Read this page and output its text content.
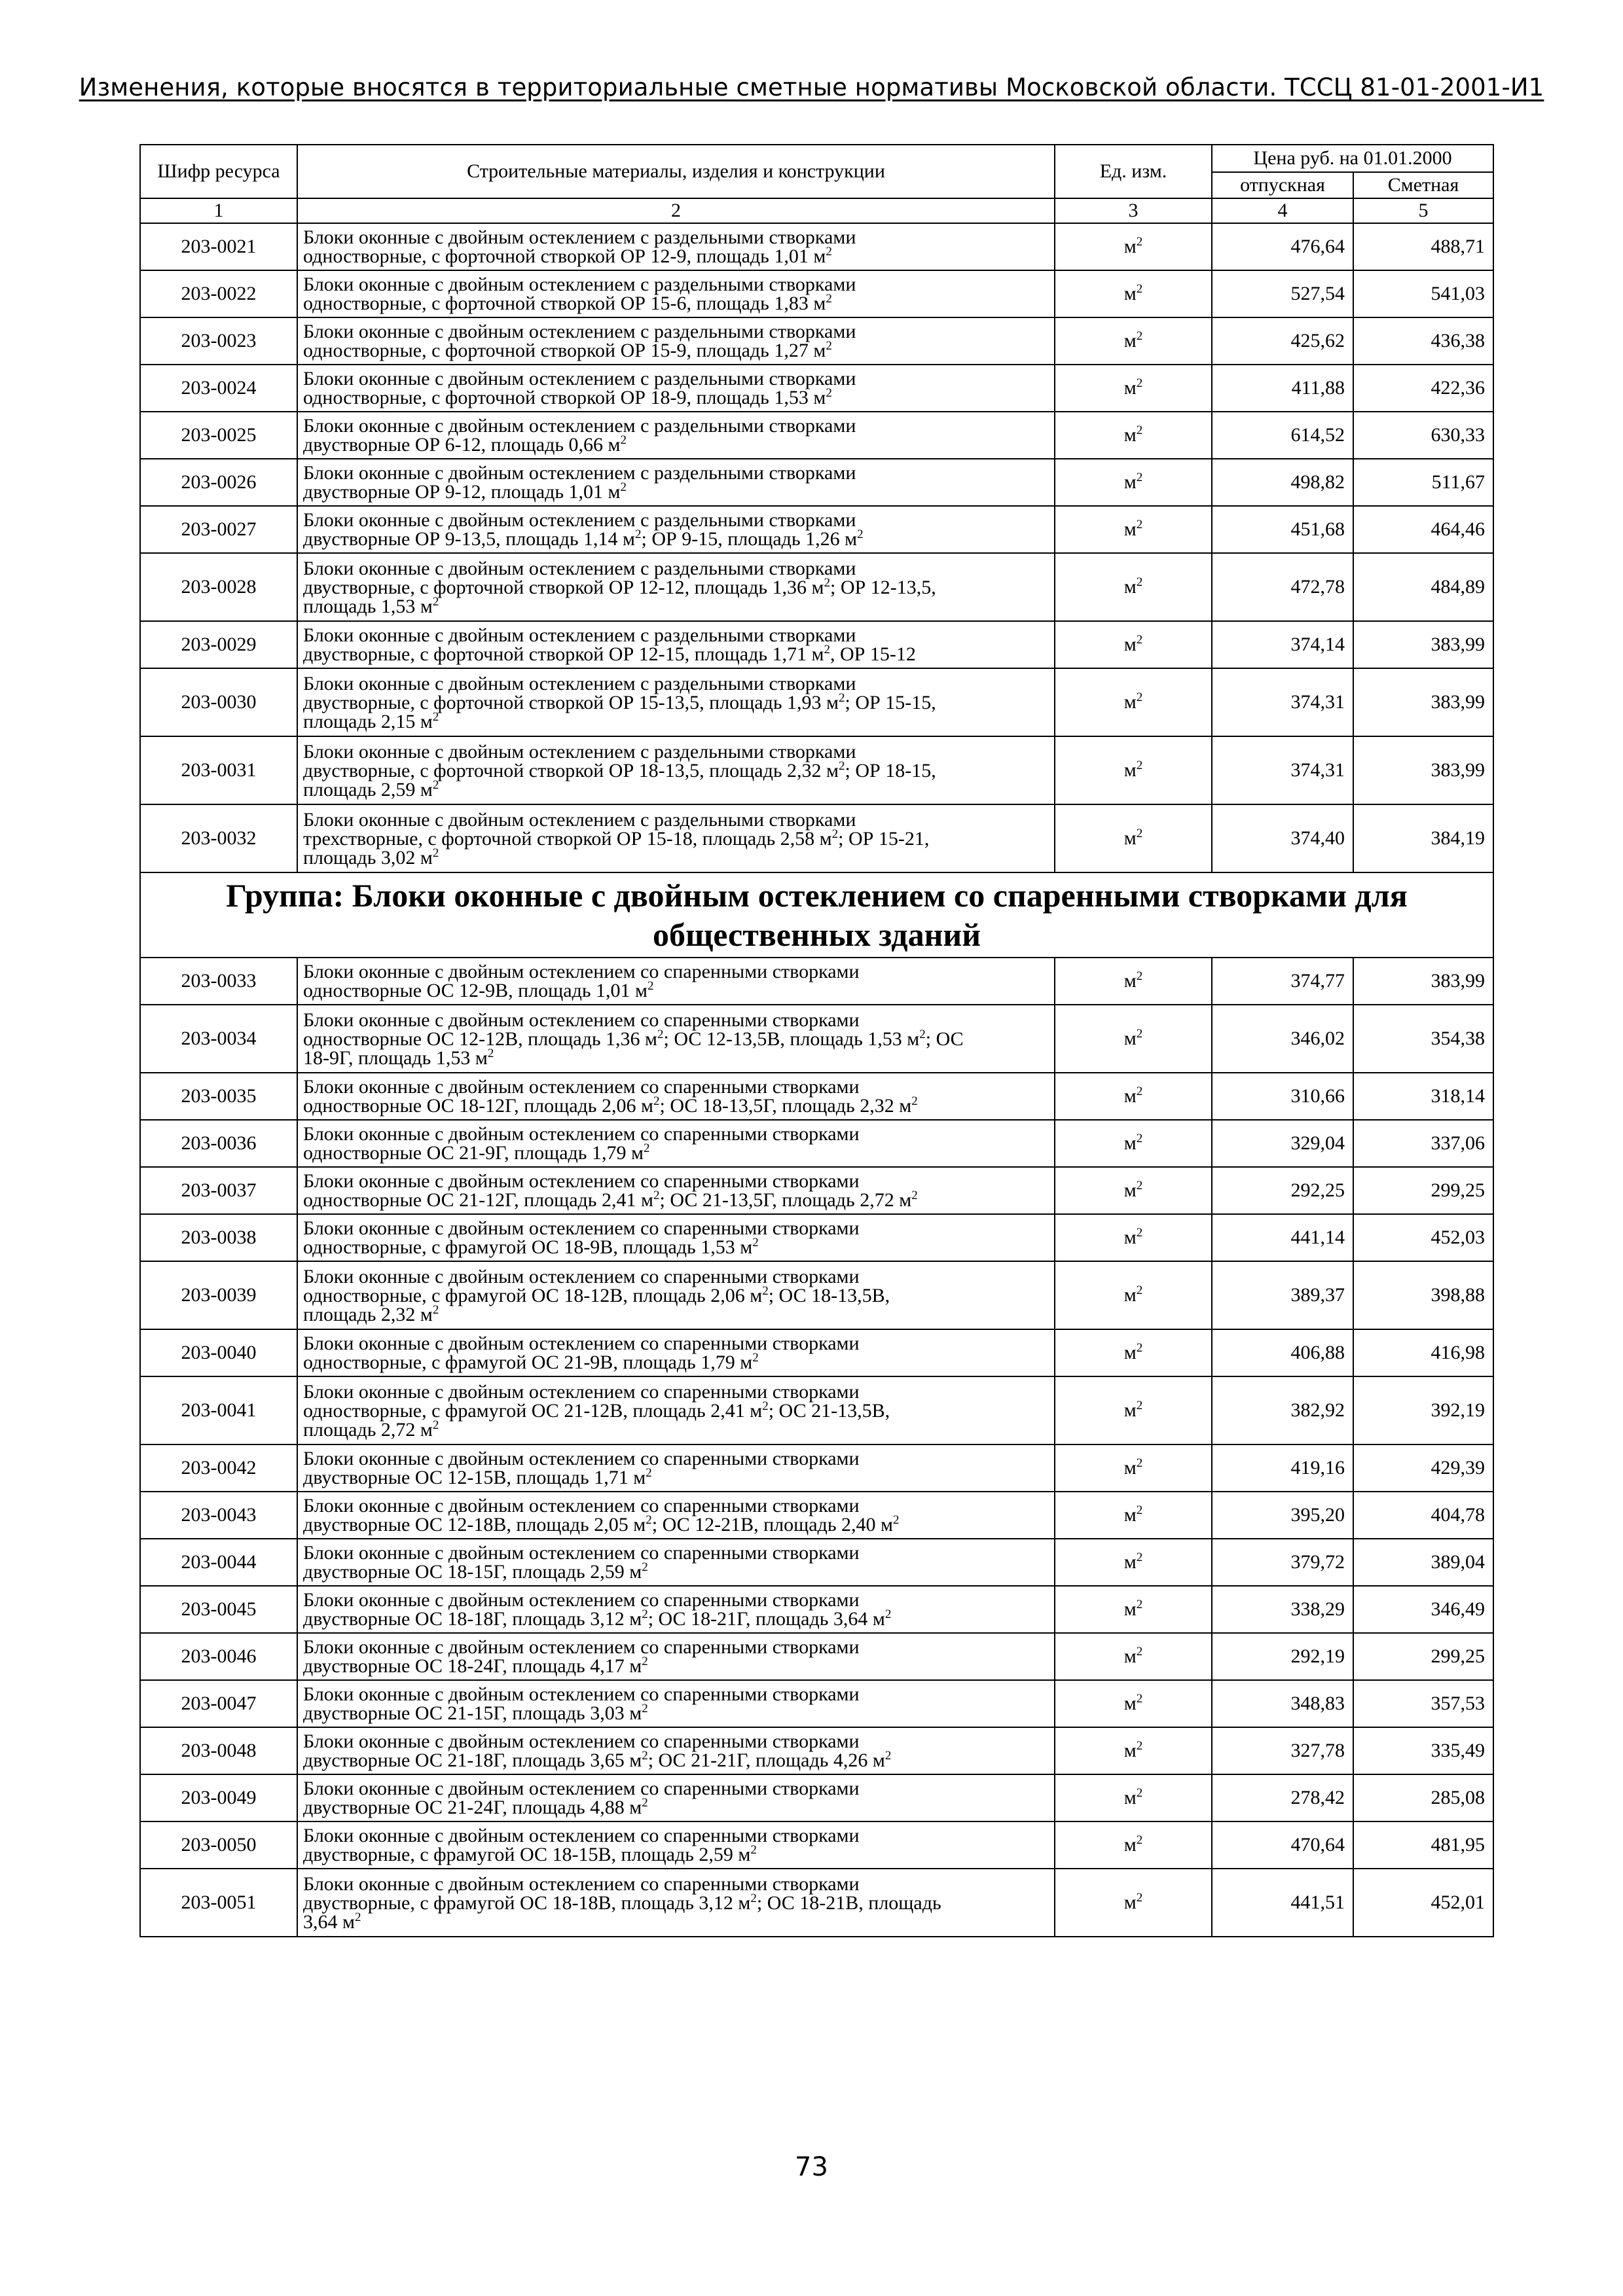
Изменения, которые вносятся в территориальные сметные нормативы Московской области. ТССЦ 81-01-2001-И1
Шифр ресурса	Строительные материалы, изделия и конструкции	Ед. изм.	Цена руб. на 01.01.2000	
			отпускная	Сметная
1	2	3	4	5
203-0021	Блоки оконные с двойным остеклением с раздельными створками
одностворные, с форточной створкой ОР 12-9, площадь 1,01 $м^2$	$м^2$	476,64	488,71
203-0022	Блоки оконные с двойным остеклением с раздельными створками
одностворные, с форточной створкой ОР 15-6, площадь 1,83 $м^2$	$м^2$	527,54	541,03
203-0023	Блоки оконные с двойным остеклением с раздельными створками
одностворные, с форточной створкой ОР 15-9, площадь 1,27 $м^2$	$м^2$	425,62	436,38
203-0024	Блоки оконные с двойным остеклением с раздельными створками
одностворные, с форточной створкой ОР 18-9, площадь 1,53 $м^2$	$м^2$	411,88	422,36
203-0025	Блоки оконные с двойным остеклением с раздельными створками
двустворные ОР 6-12, площадь 0,66 $м^2$	$м^2$	614,52	630,33
203-0026	Блоки оконные с двойным остеклением с раздельными створками
двустворные ОР 9-12, площадь 1,01 $м^2$	$м^2$	498,82	511,67
203-0027	Блоки оконные с двойным остеклением с раздельными створками
двустворные ОР 9-13,5, площадь 1,14 $м^2$; ОР 9-15, площадь 1,26 $м^2$	$м^2$	451,68	464,46
203-0028	Блоки оконные с двойным остеклением с раздельными створками
двустворные, с форточной створкой ОР 12-12, площадь 1,36 $м^2$; ОР 12-13,5,
площадь 1,53 $м^2$	$м^2$	472,78	484,89
203-0029	Блоки оконные с двойным остеклением с раздельными створками
двустворные, с форточной створкой ОР 12-15, площадь 1,71 $м^2$, ОР 15-12	$м^2$	374,14	383,99
203-0030	Блоки оконные с двойным остеклением с раздельными створками
двустворные, с форточной створкой ОР 15-13,5, площадь 1,93 $м^2$; ОР 15-15,
площадь 2,15 $м^2$	$м^2$	374,31	383,99
203-0031	Блоки оконные с двойным остеклением с раздельными створками
двустворные, с форточной створкой ОР 18-13,5, площадь 2,32 $м^2$; ОР 18-15,
площадь 2,59 $м^2$	$м^2$	374,31	383,99
203-0032	Блоки оконные с двойным остеклением с раздельными створками
трехстворные, с форточной створкой ОР 15-18, площадь 2,58 $м^2$; ОР 15-21,
площадь 3,02 $м^2$	$м^2$	374,40	384,19
Группа: Блоки оконные с двойным остеклением со спаренными створками для общественных зданий				
203-0033	Блоки оконные с двойным остеклением со спаренными створками
одностворные ОС 12-9В, площадь 1,01 $м^2$	$м^2$	374,77	383,99
203-0034	Блоки оконные с двойным остеклением со спаренными створками
одностворные ОС 12-12В, площадь 1,36 $м^2$; ОС 12-13,5В, площадь 1,53 $м^2$; ОС
18-9Г, площадь 1,53 $м^2$	$м^2$	346,02	354,38
203-0035	Блоки оконные с двойным остеклением со спаренными створками
одностворные ОС 18-12Г, площадь 2,06 $м^2$; ОС 18-13,5Г, площадь 2,32 $м^2$	$м^2$	310,66	318,14
203-0036	Блоки оконные с двойным остеклением со спаренными створками
одностворные ОС 21-9Г, площадь 1,79 $м^2$	$м^2$	329,04	337,06
203-0037	Блоки оконные с двойным остеклением со спаренными створками
одностворные ОС 21-12Г, площадь 2,41 $м^2$; ОС 21-13,5Г, площадь 2,72 $м^2$	$м^2$	292,25	299,25
203-0038	Блоки оконные с двойным остеклением со спаренными створками
одностворные, с фрамугой ОС 18-9В, площадь 1,53 $м^2$	$м^2$	441,14	452,03
203-0039	Блоки оконные с двойным остеклением со спаренными створками
одностворные, с фрамугой ОС 18-12В, площадь 2,06 $м^2$; ОС 18-13,5В,
площадь 2,32 $м^2$	$м^2$	389,37	398,88
203-0040	Блоки оконные с двойным остеклением со спаренными створками
одностворные, с фрамугой ОС 21-9В, площадь 1,79 $м^2$	$м^2$	406,88	416,98
203-0041	Блоки оконные с двойным остеклением со спаренными створками
одностворные, с фрамугой ОС 21-12В, площадь 2,41 $м^2$; ОС 21-13,5В,
площадь 2,72 $м^2$	$м^2$	382,92	392,19
203-0042	Блоки оконные с двойным остеклением со спаренными створками
двустворные ОС 12-15В, площадь 1,71 $м^2$	$м^2$	419,16	429,39
203-0043	Блоки оконные с двойным остеклением со спаренными створками
двустворные ОС 12-18В, площадь 2,05 $м^2$; ОС 12-21В, площадь 2,40 $м^2$	$м^2$	395,20	404,78
203-0044	Блоки оконные с двойным остеклением со спаренными створками
двустворные ОС 18-15Г, площадь 2,59 $м^2$	$м^2$	379,72	389,04
203-0045	Блоки оконные с двойным остеклением со спаренными створками
двустворные ОС 18-18Г, площадь 3,12 $м^2$; ОС 18-21Г, площадь 3,64 $м^2$	$м^2$	338,29	346,49
203-0046	Блоки оконные с двойным остеклением со спаренными створками
двустворные ОС 18-24Г, площадь 4,17 $м^2$	$м^2$	292,19	299,25
203-0047	Блоки оконные с двойным остеклением со спаренными створками
двустворные ОС 21-15Г, площадь 3,03 $м^2$	$м^2$	348,83	357,53
203-0048	Блоки оконные с двойным остеклением со спаренными створками
двустворные ОС 21-18Г, площадь 3,65 $м^2$; ОС 21-21Г, площадь 4,26 $м^2$	$м^2$	327,78	335,49
203-0049	Блоки оконные с двойным остеклением со спаренными створками
двустворные ОС 21-24Г, площадь 4,88 $м^2$	$м^2$	278,42	285,08
203-0050	Блоки оконные с двойным остеклением со спаренными створками
двустворные, с фрамугой ОС 18-15В, площадь 2,59 $м^2$	$м^2$	470,64	481,95
203-0051	Блоки оконные с двойным остеклением со спаренными створками
двустворные, с фрамугой ОС 18-18В, площадь 3,12 $м^2$; ОС 18-21В, площадь
3,64 $м^2$	$м^2$	441,51	452,01
73
